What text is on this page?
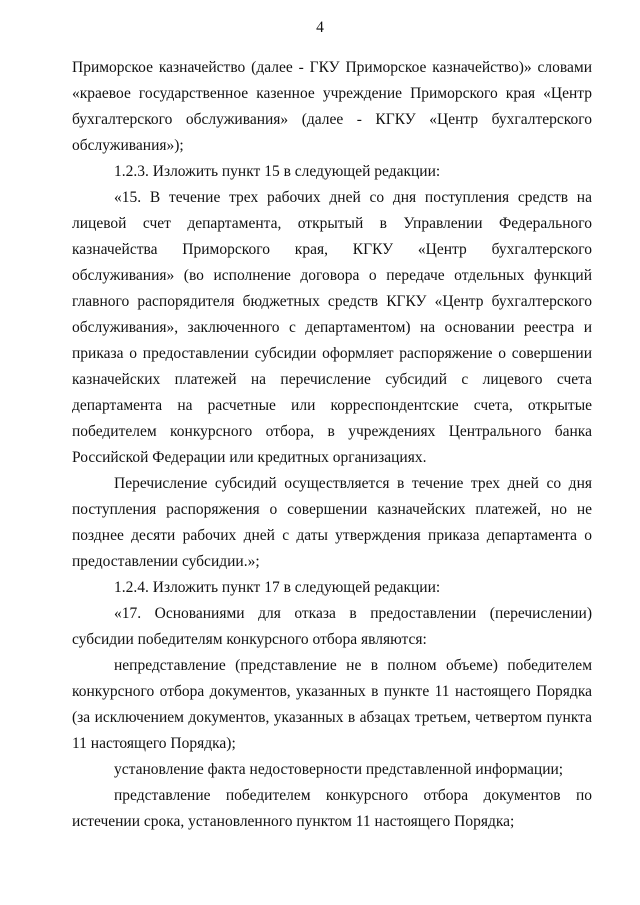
4

Приморское казначейство (далее - ГКУ Приморское казначейство)» словами «краевое государственное казенное учреждение Приморского края «Центр бухгалтерского обслуживания» (далее - КГКУ «Центр бухгалтерского обслуживания»);

1.2.3. Изложить пункт 15 в следующей редакции:

«15. В течение трех рабочих дней со дня поступления средств на лицевой счет департамента, открытый в Управлении Федерального казначейства Приморского края, КГКУ «Центр бухгалтерского обслуживания» (во исполнение договора о передаче отдельных функций главного распорядителя бюджетных средств КГКУ «Центр бухгалтерского обслуживания», заключенного с департаментом) на основании реестра и приказа о предоставлении субсидии оформляет распоряжение о совершении казначейских платежей на перечисление субсидий с лицевого счета департамента на расчетные или корреспондентские счета, открытые победителем конкурсного отбора, в учреждениях Центрального банка Российской Федерации или кредитных организациях.

Перечисление субсидий осуществляется в течение трех дней со дня поступления распоряжения о совершении казначейских платежей, но не позднее десяти рабочих дней с даты утверждения приказа департамента о предоставлении субсидии.»;

1.2.4. Изложить пункт 17 в следующей редакции:

«17. Основаниями для отказа в предоставлении (перечислении) субсидии победителям конкурсного отбора являются:

непредставление (представление не в полном объеме) победителем конкурсного отбора документов, указанных в пункте 11 настоящего Порядка (за исключением документов, указанных в абзацах третьем, четвертом пункта 11 настоящего Порядка);

установление факта недостоверности представленной информации;

представление победителем конкурсного отбора документов по истечении срока, установленного пунктом 11 настоящего Порядка;
